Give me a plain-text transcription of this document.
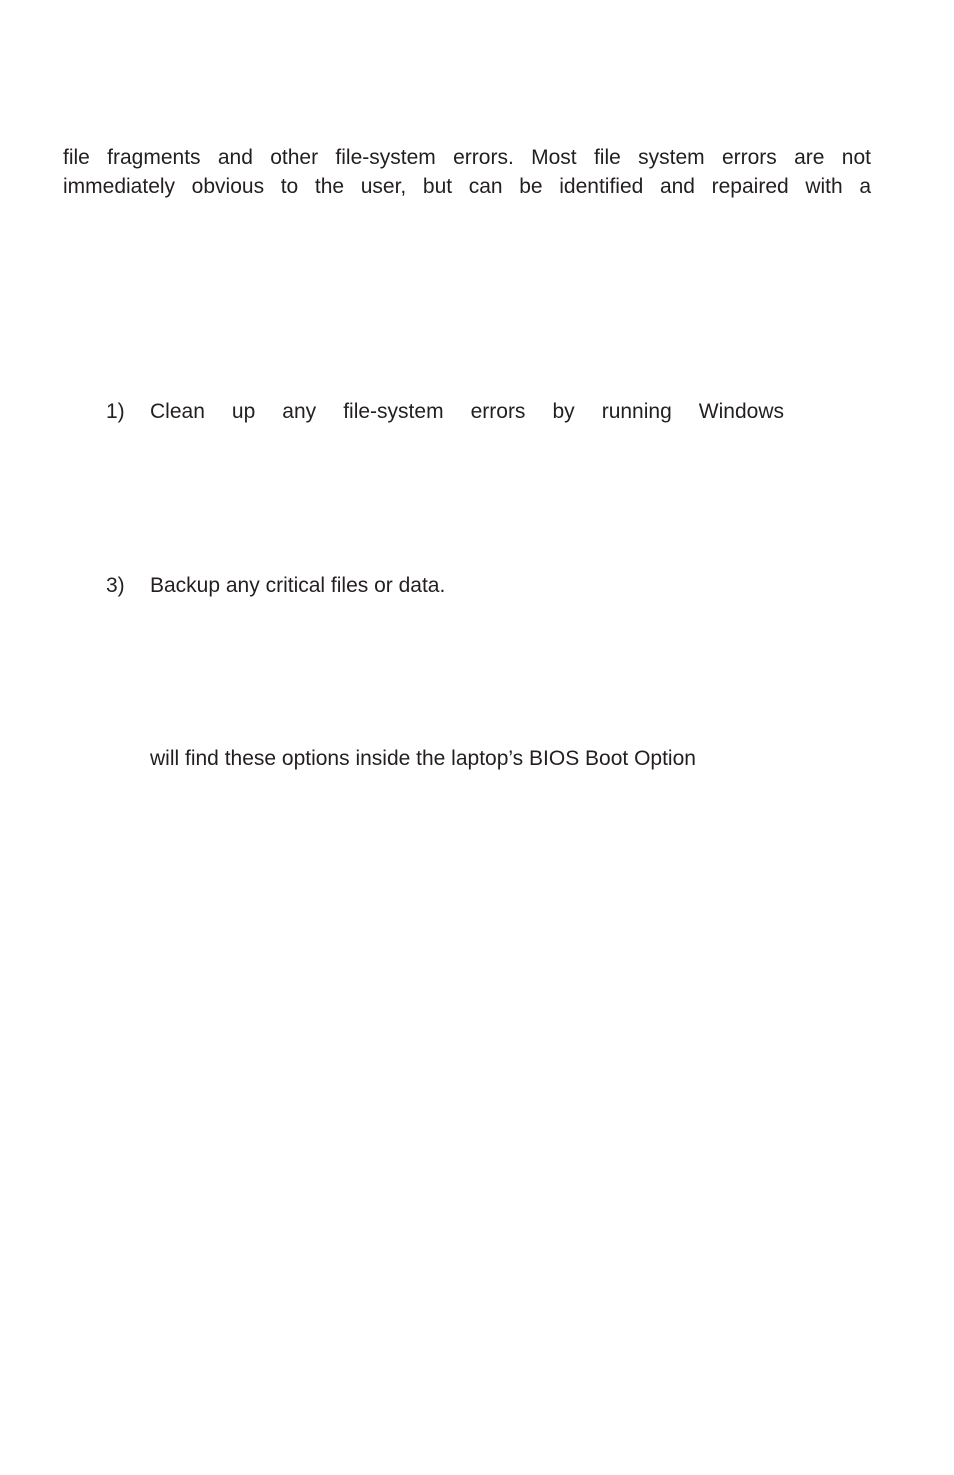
file fragments and other file-system errors. Most file system errors are not
immediately obvious to the user, but can be identified and repaired with a
1) Clean up any file-system errors by running Windows
3) Backup any critical files or data.
will find these options inside the laptop’s BIOS Boot Option
